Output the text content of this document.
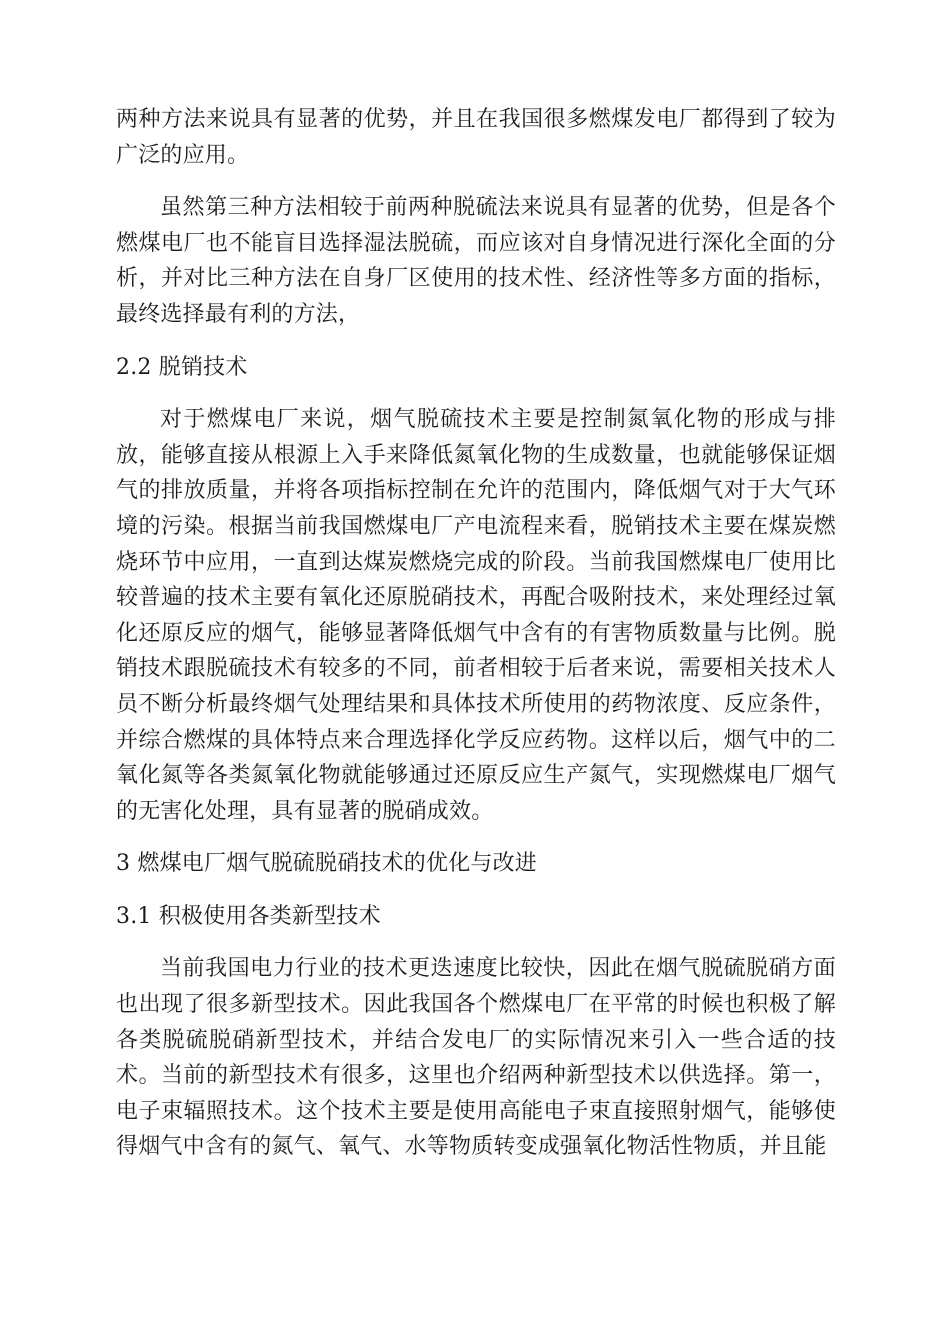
两种方法来说具有显著的优势，并且在我国很多燃煤发电厂都得到了较为广泛的应用。

虽然第三种方法相较于前两种脱硫法来说具有显著的优势，但是各个燃煤电厂也不能盲目选择湿法脱硫，而应该对自身情况进行深化全面的分析，并对比三种方法在自身厂区使用的技术性、经济性等多方面的指标，最终选择最有利的方法，

2.2 脱销技术

对于燃煤电厂来说，烟气脱硫技术主要是控制氮氧化物的形成与排放，能够直接从根源上入手来降低氮氧化物的生成数量，也就能够保证烟气的排放质量，并将各项指标控制在允许的范围内，降低烟气对于大气环境的污染。根据当前我国燃煤电厂产电流程来看，脱销技术主要在煤炭燃烧环节中应用，一直到达煤炭燃烧完成的阶段。当前我国燃煤电厂使用比较普遍的技术主要有氧化还原脱硝技术，再配合吸附技术，来处理经过氧化还原反应的烟气，能够显著降低烟气中含有的有害物质数量与比例。脱销技术跟脱硫技术有较多的不同，前者相较于后者来说，需要相关技术人员不断分析最终烟气处理结果和具体技术所使用的药物浓度、反应条件，并综合燃煤的具体特点来合理选择化学反应药物。这样以后，烟气中的二氧化氮等各类氮氧化物就能够通过还原反应生产氮气，实现燃煤电厂烟气的无害化处理，具有显著的脱硝成效。

3 燃煤电厂烟气脱硫脱硝技术的优化与改进

3.1 积极使用各类新型技术

当前我国电力行业的技术更迭速度比较快，因此在烟气脱硫脱硝方面也出现了很多新型技术。因此我国各个燃煤电厂在平常的时候也积极了解各类脱硫脱硝新型技术，并结合发电厂的实际情况来引入一些合适的技术。当前的新型技术有很多，这里也介绍两种新型技术以供选择。第一，电子束辐照技术。这个技术主要是使用高能电子束直接照射烟气，能够使得烟气中含有的氮气、氧气、水等物质转变成强氧化物活性物质，并且能
